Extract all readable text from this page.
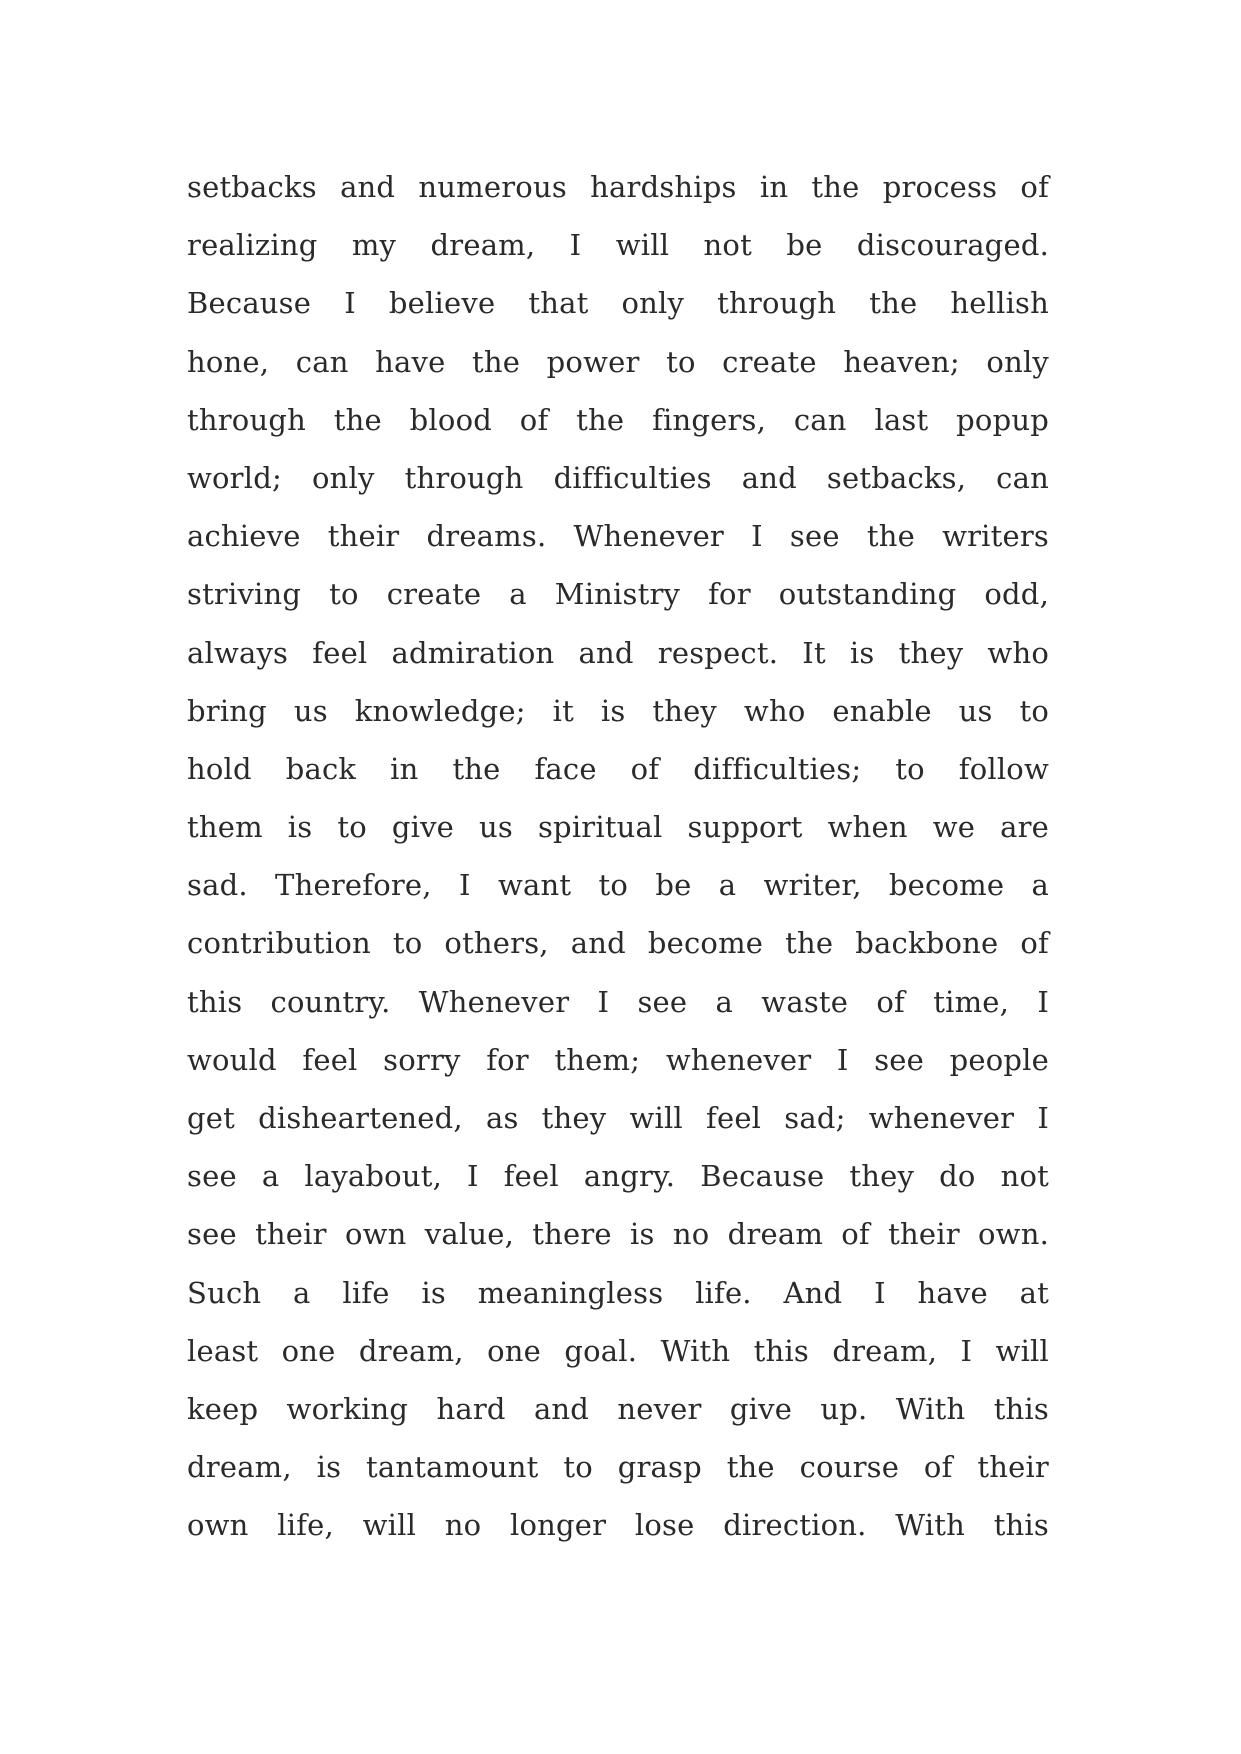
setbacks and numerous hardships in the process of
realizing my dream, I will not be discouraged.
Because I believe that only through the hellish
hone, can have the power to create heaven; only
through the blood of the fingers, can last popup
world; only through difficulties and setbacks, can
achieve their dreams. Whenever I see the writers
striving to create a Ministry for outstanding odd,
always feel admiration and respect. It is they who
bring us knowledge; it is they who enable us to
hold back in the face of difficulties; to follow
them is to give us spiritual support when we are
sad. Therefore, I want to be a writer, become a
contribution to others, and become the backbone of
this country. Whenever I see a waste of time, I
would feel sorry for them; whenever I see people
get disheartened, as they will feel sad; whenever I
see a layabout, I feel angry. Because they do not
see their own value, there is no dream of their own.
Such a life is meaningless life. And I have at
least one dream, one goal. With this dream, I will
keep working hard and never give up. With this
dream, is tantamount to grasp the course of their
own life, will no longer lose direction. With this
